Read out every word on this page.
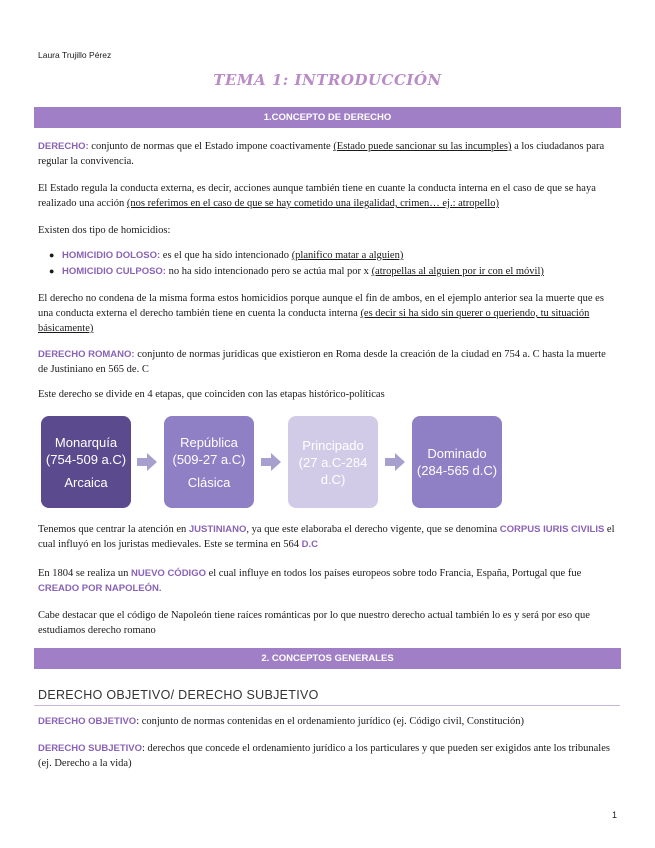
Laura Trujillo Pérez
TEMA 1: INTRODUCCIÓN
1.CONCEPTO DE DERECHO

DERECHO: conjunto de normas que el Estado impone coactivamente (Estado puede sancionar su las incumples) a los ciudadanos para regular la convivencia.

El Estado regula la conducta externa, es decir, acciones aunque también tiene en cuante la conducta interna en el caso de que se haya realizado una acción (nos referimos en el caso de que se hay cometido una ilegalidad, crimen… ej.: atropello)

Existen dos tipo de homicidios:

● HOMICIDIO DOLOSO: es el que ha sido intencionado (planifico matar a alguien)
● HOMICIDIO CULPOSO: no ha sido intencionado pero se actúa mal por x (atropellas al alguien por ir con el móvil)

El derecho no condena de la misma forma estos homicidios porque aunque el fin de ambos, en el ejemplo anterior sea la muerte que es una conducta externa el derecho también tiene en cuenta la conducta interna (es decir si ha sido sin querer o queriendo, tu situación básicamente)

DERECHO ROMANO: conjunto de normas jurídicas que existieron en Roma desde la creación de la ciudad en 754 a. C hasta la muerte de Justiniano en 565 de. C

Este derecho se divide en 4 etapas, que coinciden con las etapas histórico-políticas

Monarquía
(754-509 a.C)
Arcaica
República
(509-27 a.C)
Clásica
Principado
(27 a.C-284 d.C)
Dominado
(284-565 d.C)

Tenemos que centrar la atención en JUSTINIANO, ya que este elaboraba el derecho vigente, que se denomina CORPUS IURIS CIVILIS el cual influyó en los juristas medievales. Este se termina en 564 D.C

En 1804 se realiza un NUEVO CÓDIGO el cual influye en todos los países europeos sobre todo Francia, España, Portugal que fue CREADO POR NAPOLEÓN.

Cabe destacar que el código de Napoleón tiene raíces románticas por lo que nuestro derecho actual también lo es y será por eso que estudiamos derecho romano

2. CONCEPTOS GENERALES
DERECHO OBJETIVO/ DERECHO SUBJETIVO

DERECHO OBJETIVO: conjunto de normas contenidas en el ordenamiento jurídico (ej. Código civil, Constitución)

DERECHO SUBJETIVO: derechos que concede el ordenamiento jurídico a los particulares y que pueden ser exigidos ante los tribunales (ej. Derecho a la vida)

1
